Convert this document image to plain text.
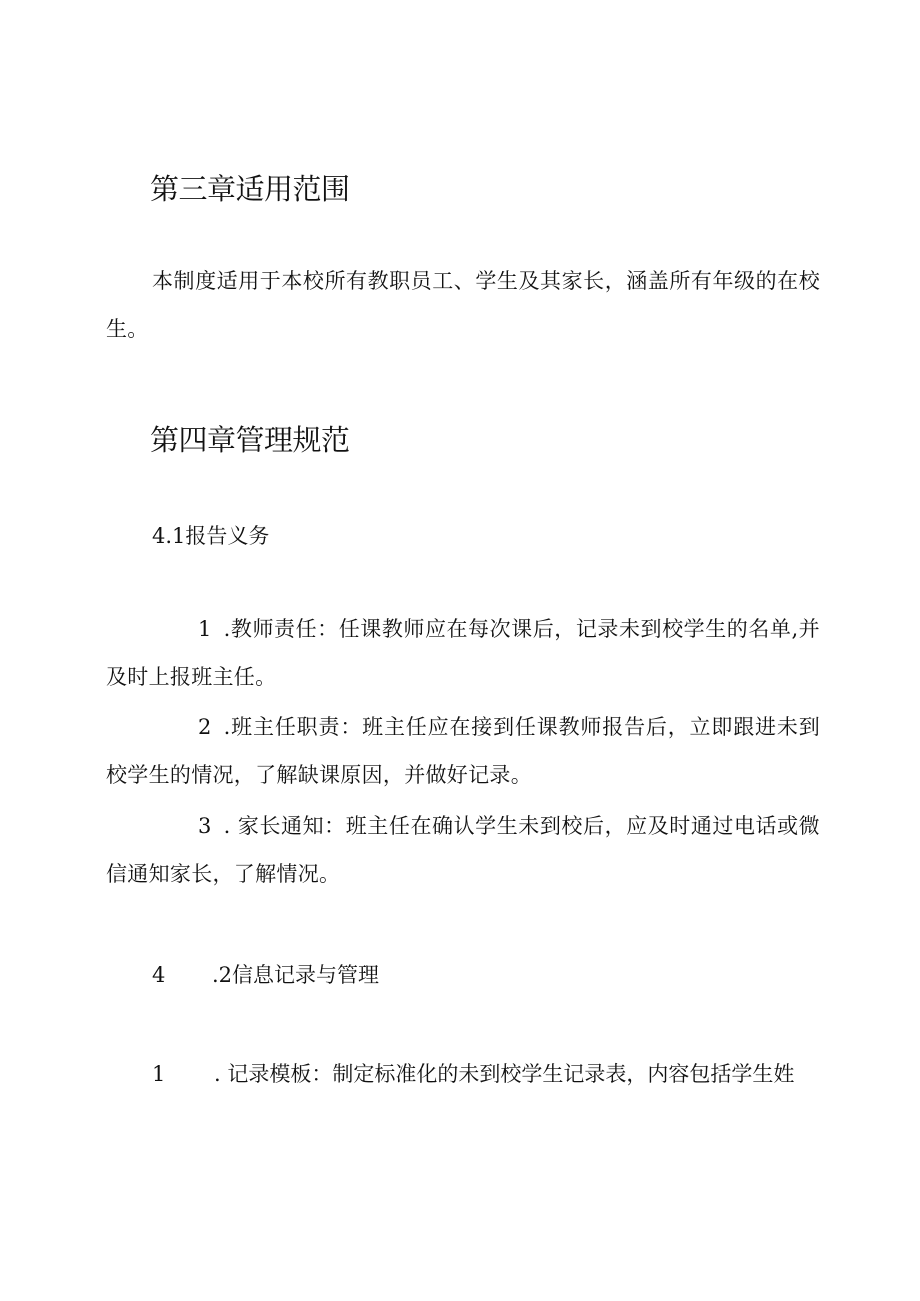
第三章适用范围

本制度适用于本校所有教职员工、学生及其家长，涵盖所有年级的在校生。

第四章管理规范

4.1报告义务

1 .教师责任：任课教师应在每次课后，记录未到校学生的名单,并及时上报班主任。

2 .班主任职责：班主任应在接到任课教师报告后，立即跟进未到校学生的情况，了解缺课原因，并做好记录。

3 . 家长通知：班主任在确认学生未到校后，应及时通过电话或微信通知家长，了解情况。

4 .2信息记录与管理

1 . 记录模板：制定标准化的未到校学生记录表，内容包括学生姓
